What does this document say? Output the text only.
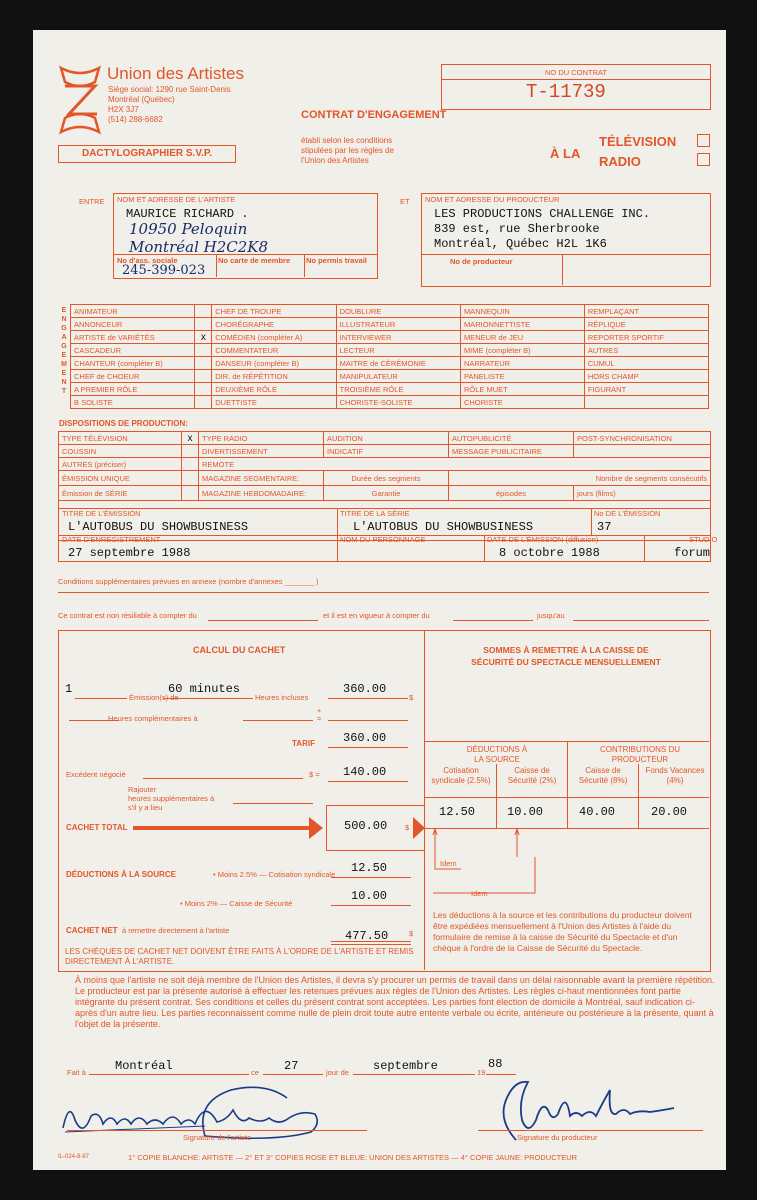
Union des Artistes
Siège social: 1290 rue Saint-Denis
Montréal (Québec)
H2X 3J7
(514) 288-6682
DACTYLOGRAPHIER S.V.P.
NO DU CONTRAT
T-11739
CONTRAT D'ENGAGEMENT
établi selon les conditions stipulées par les règles de l'Union des Artistes	À LA
TÉLÉVISION
RADIO
ENTRE NOM ET ADRESSE DE L'ARTISTE
MAURICE RICHARD .
10950 Peloquin
Montréal H2C2K8
No d'ass. sociale
245-399-023
No carte de membre No permis travail
ET NOM ET ADRESSE DU PRODUCTEUR
LES PRODUCTIONS CHALLENGE INC.
839 est, rue Sherbrooke
Montréal, Québec H2L 1K6
No de producteur
E
N
G
A
G
E
M
E
N
T
ANIMATEUR		CHEF DE TROUPE	DOUBLURE	MANNEQUIN	REMPLAÇANT
ANNONCEUR		CHORÉGRAPHE	ILLUSTRATEUR	MARIONNETTISTE	RÉPLIQUE
ARTISTE de VARIÉTÉS	x	COMÉDIEN (compléter A)	INTERVIEWER	MENEUR de JEU	REPORTER SPORTIF
CASCADEUR		COMMENTATEUR	LECTEUR	MIME (compléter B)	AUTRES
CHANTEUR (compléter B)		DANSEUR (compléter B)	MAITRE de CÉRÉMONIE	NARRATEUR	CUMUL
CHEF de CHOEUR		DIR. de RÉPÉTITION	MANIPULATEUR	PANELISTE	HORS CHAMP
A PREMIER RÔLE		DEUXIÈME RÔLE	TROISIÈME RÔLE	RÔLE MUET	FIGURANT
B SOLISTE		DUETTISTE	CHORISTE-SOLISTE	CHORISTE	
DISPOSITIONS DE PRODUCTION:
TYPE TÉLÉVISION	x	TYPE RADIO	AUDITION	AUTOPUBLICITÉ	POST-SYNCHRONISATION
COUSSIN		DIVERTISSEMENT	INDICATIF	MESSAGE PUBLICITAIRE	
AUTRES (préciser)		REMOTE			
ÉMISSION UNIQUE		MAGAZINE SEGMENTAIRE:	Durée des segments	Nombre de segments consécutifs	
Émission de SÉRIE		MAGAZINE HEBDOMADAIRE:	Garantie	épisodes	jours (films)
TITRE DE L'ÉMISSION
L'AUTOBUS DU SHOWBUSINESS
TITRE DE LA SÉRIE
L'AUTOBUS DU SHOWBUSINESS
No DE L'ÉMISSION
37
DATE D'ENREGISTREMENT
27 septembre 1988
NOM DU PERSONNAGE	DATE DE L'ÉMISSION (diffusion)
8 octobre 1988
STUDIO
forum
Conditions supplémentaires prévues en annexe (nombre d'annexes _______ )
Ce contrat est non résiliable à compter du	et il est en vigueur à compter du	jusqu'au
CALCUL DU CACHET
1
Émission(s) de
60 minutes
Heures incluses
360.00
$
Heures complémentaires à
+
=
TARIF 360.00
Excédent négocié	$ = 140.00
Rajouter
heures supplémentaires à
s'il y a lieu
CACHET TOTAL	500.00 $
DÉDUCTIONS À LA SOURCE	• Moins 2.5% — Cotisation syndicale 12.50
• Moins 2% — Caisse de Sécurité
10.00
CACHET NET à remettre directement à l'artiste	477.50	$
LES CHÈQUES DE CACHET NET DOIVENT ÊTRE FAITS À L'ORDRE DE L'ARTISTE ET REMIS DIRECTEMENT À L'ARTISTE.
SOMMES À REMETTRE À LA CAISSE DE SÉCURITÉ DU SPECTACLE MENSUELLEMENT
DÉDUCTIONS À LA SOURCE
CONTRIBUTIONS DU PRODUCTEUR
Cotisation syndicale (2.5%)
Caisse de Sécurité (2%)
Caisse de Sécurité (8%)
Fonds Vacances (4%)
12.50	10.00	40.00	20.00
Idem
Idem
Les déductions à la source et les contributions du producteur doivent être expédiées mensuellement à l'Union des Artistes à l'aide du formulaire de remise à la caisse de Sécurité du Spectacle et d'un chèque à l'ordre de la Caisse de Sécurité du Spectacle.
À moins que l'artiste ne soit déjà membre de l'Union des Artistes, il devra s'y procurer un permis de travail dans un délai raisonnable avant la première répétition. Le producteur est par la présente autorisé à effectuer les retenues prévues aux règles de l'Union des Artistes. Les règles ci-haut mentionnées font partie intégrante du présent contrat. Ses conditions et celles du présent contrat sont acceptées. Les parties font élection de domicile à Montréal, sauf indication ci-après d'un autre lieu. Les parties reconnaissent comme nulle de plein droit toute autre entente verbale ou écrite, antérieure ou postérieure à la présente, quant à l'objet de la présente.
Fait à Montréal	ce 27	jour de septembre	19
88
Signature de l'artiste	Signature du producteur
IL-024-8-87	1° COPIE BLANCHE: ARTISTE — 2° ET 3° COPIES ROSE ET BLEUE: UNION DES ARTISTES — 4° COPIE JAUNE: PRODUCTEUR
